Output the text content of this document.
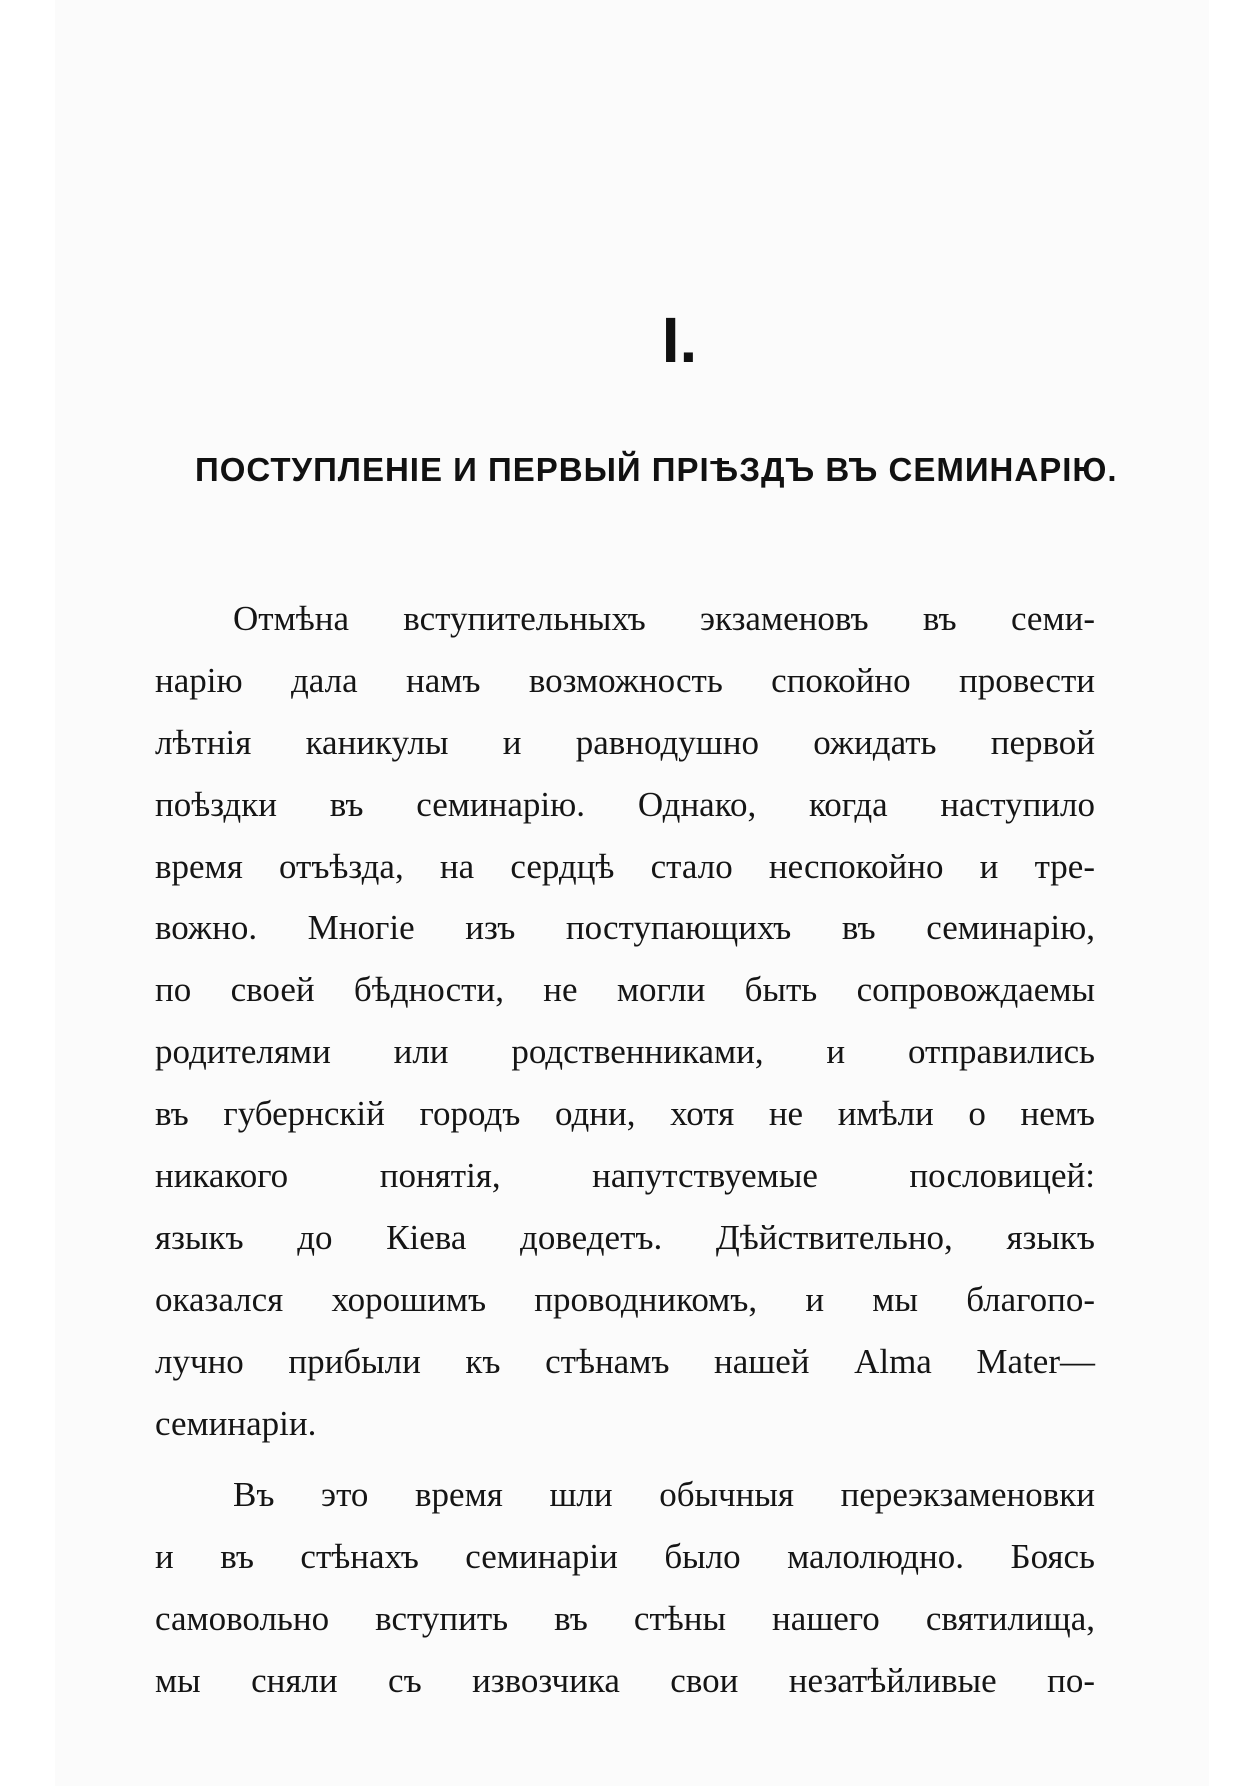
I.
ПОСТУПЛЕНІЕ И ПЕРВЫЙ ПРІѢЗДЪ ВЪ СЕМИНАРІЮ.
Отмѣна вступительныхъ экзаменовъ въ семи-
нарію дала намъ возможность спокойно провести
лѣтнія каникулы и равнодушно ожидать первой
поѣздки въ семинарію. Однако, когда наступило
время отъѣзда, на сердцѣ стало неспокойно и тре-
вожно. Многіе изъ поступающихъ въ семинарію,
по своей бѣдности, не могли быть сопровождаемы
родителями или родственниками, и отправились
въ губернскій городъ одни, хотя не имѣли о немъ
никакого понятія, напутствуемые пословицей:
языкъ до Кіева доведетъ. Дѣйствительно, языкъ
оказался хорошимъ проводникомъ, и мы благопо-
лучно прибыли къ стѣнамъ нашей Alma Mater—
семинаріи.
Въ это время шли обычныя переэкзаменовки
и въ стѣнахъ семинаріи было малолюдно. Боясь
самовольно вступить въ стѣны нашего святилища,
мы сняли съ извозчика свои незатѣйливые по-
